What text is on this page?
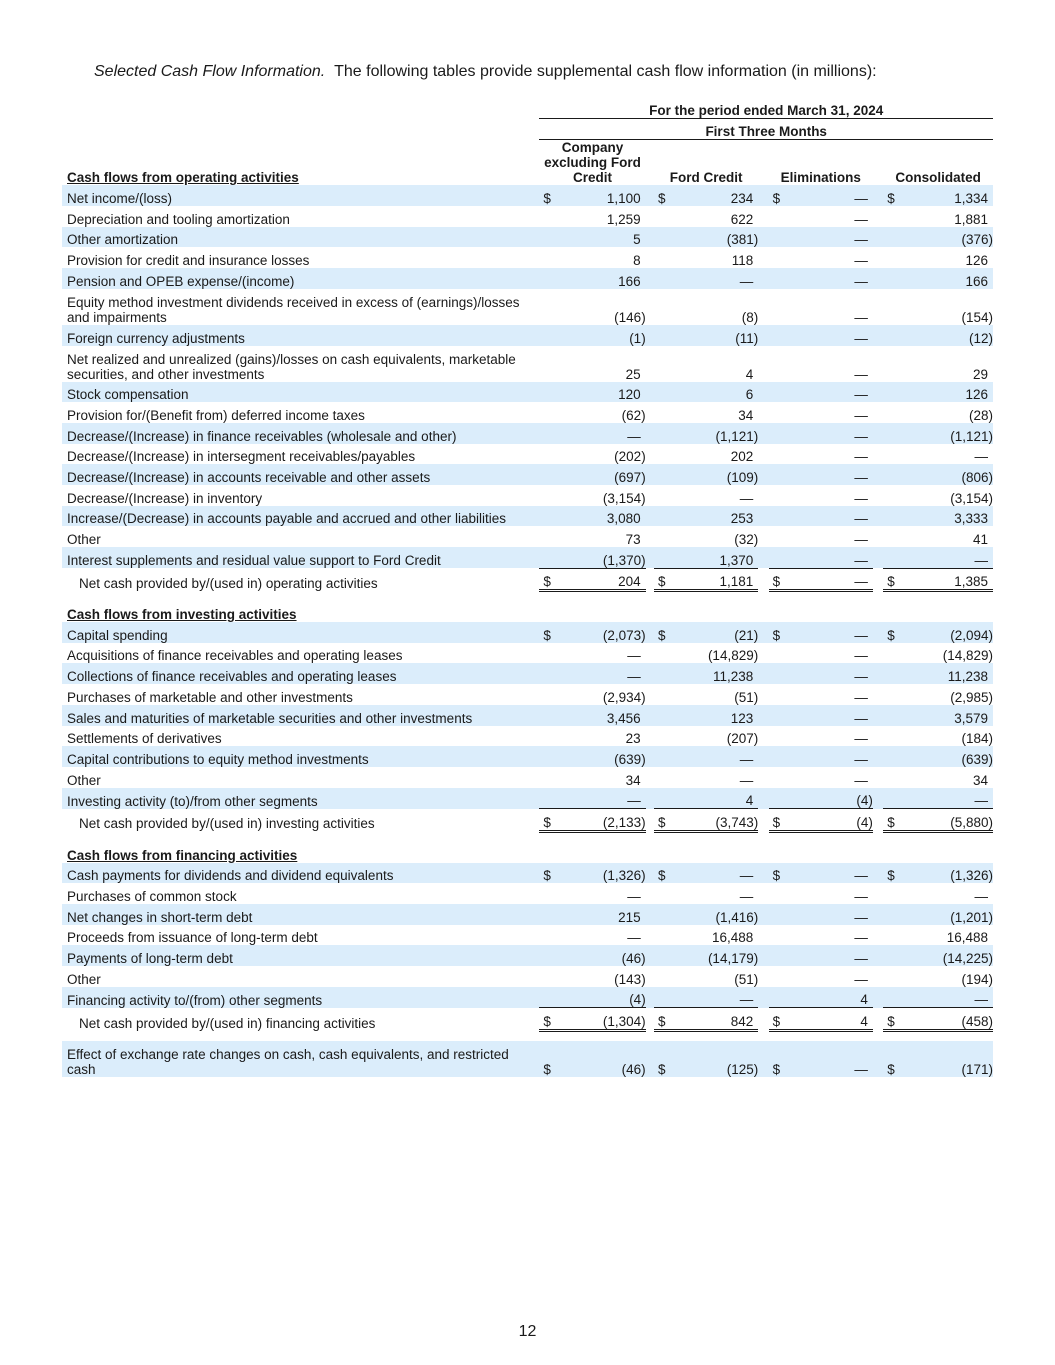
Selected Cash Flow Information. The following tables provide supplemental cash flow information (in millions):
	For the period ended March 31, 2024										
	First Three Months										
Cash flows from operating activities	Company excluding Ford Credit			Ford Credit			Eliminations			Consolidated	
Net income/(loss)	$	1,100		$	234		$	—		$	1,334
Depreciation and tooling amortization		1,259			622			—			1,881
Other amortization		5			(381)			—			(376)
Provision for credit and insurance losses		8			118			—			126
Pension and OPEB expense/(income)		166			—			—			166
Equity method investment dividends received in excess of (earnings)/losses and impairments		(146)			(8)			—			(154)
Foreign currency adjustments		(1)			(11)			—			(12)
Net realized and unrealized (gains)/losses on cash equivalents, marketable securities, and other investments		25			4			—			29
Stock compensation		120			6			—			126
Provision for/(Benefit from) deferred income taxes		(62)			34			—			(28)
Decrease/(Increase) in finance receivables (wholesale and other)		—			(1,121)			—			(1,121)
Decrease/(Increase) in intersegment receivables/payables		(202)			202			—			—
Decrease/(Increase) in accounts receivable and other assets		(697)			(109)			—			(806)
Decrease/(Increase) in inventory		(3,154)			—			—			(3,154)
Increase/(Decrease) in accounts payable and accrued and other liabilities		3,080			253			—			3,333
Other		73			(32)			—			41
Interest supplements and residual value support to Ford Credit		(1,370)			1,370			—			—
Net cash provided by/(used in) operating activities	$	204		$	1,181		$	—		$	1,385

Cash flows from investing activities											
Capital spending	$	(2,073)		$	(21)		$	—		$	(2,094)
Acquisitions of finance receivables and operating leases		—			(14,829)			—			(14,829)
Collections of finance receivables and operating leases		—			11,238			—			11,238
Purchases of marketable and other investments		(2,934)			(51)			—			(2,985)
Sales and maturities of marketable securities and other investments		3,456			123			—			3,579
Settlements of derivatives		23			(207)			—			(184)
Capital contributions to equity method investments		(639)			—			—			(639)
Other		34			—			—			34
Investing activity (to)/from other segments		—			4			(4)			—
Net cash provided by/(used in) investing activities	$	(2,133)		$	(3,743)		$	(4)		$	(5,880)

Cash flows from financing activities											
Cash payments for dividends and dividend equivalents	$	(1,326)		$	—		$	—		$	(1,326)
Purchases of common stock		—			—			—			—
Net changes in short-term debt		215			(1,416)			—			(1,201)
Proceeds from issuance of long-term debt		—			16,488			—			16,488
Payments of long-term debt		(46)			(14,179)			—			(14,225)
Other		(143)			(51)			—			(194)
Financing activity to/(from) other segments		(4)			—			4			—
Net cash provided by/(used in) financing activities	$	(1,304)		$	842		$	4		$	(458)

Effect of exchange rate changes on cash, cash equivalents, and restricted cash	$	(46)		$	(125)		$	—		$	(171)
12
